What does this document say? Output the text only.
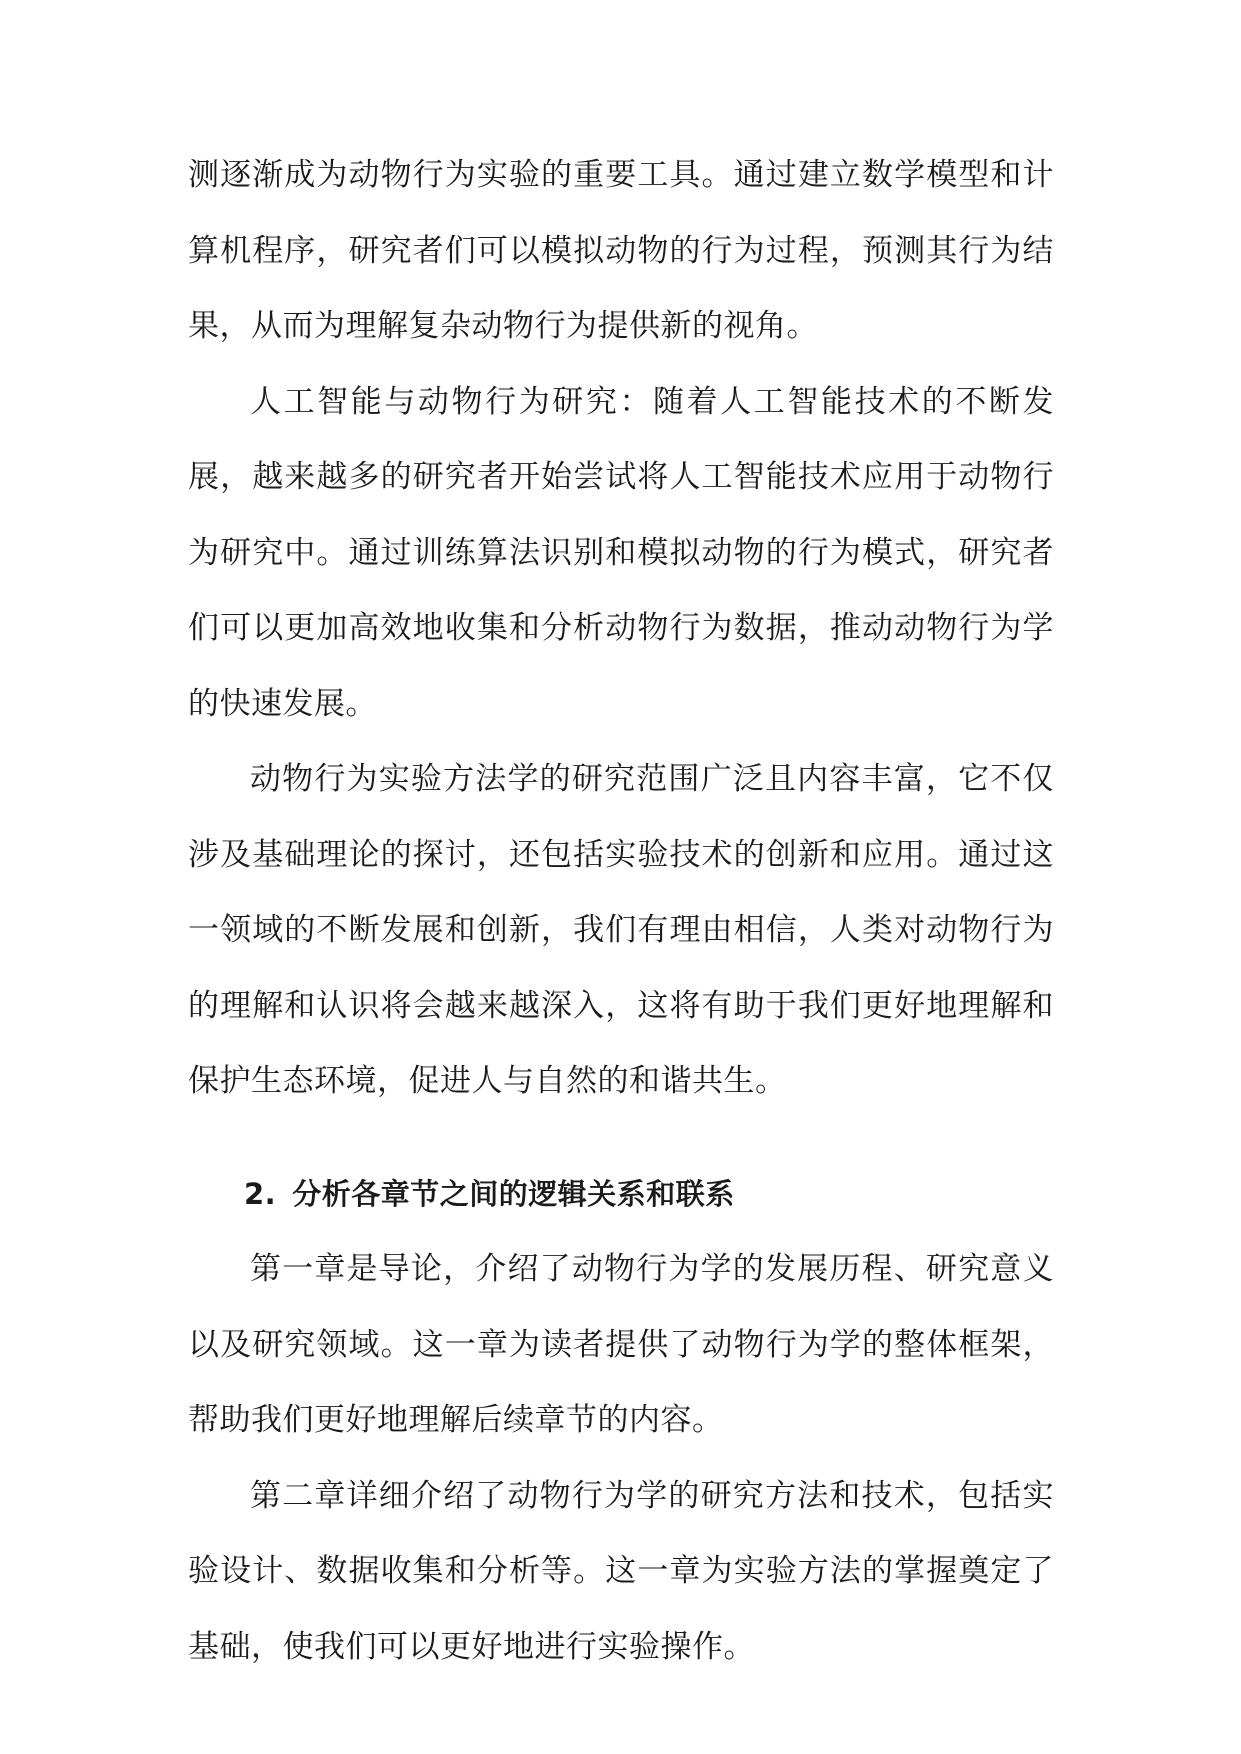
测逐渐成为动物行为实验的重要工具。通过建立数学模型和计算机程序，研究者们可以模拟动物的行为过程，预测其行为结果，从而为理解复杂动物行为提供新的视角。

人工智能与动物行为研究：随着人工智能技术的不断发展，越来越多的研究者开始尝试将人工智能技术应用于动物行为研究中。通过训练算法识别和模拟动物的行为模式，研究者们可以更加高效地收集和分析动物行为数据，推动动物行为学的快速发展。

动物行为实验方法学的研究范围广泛且内容丰富，它不仅涉及基础理论的探讨，还包括实验技术的创新和应用。通过这一领域的不断发展和创新，我们有理由相信，人类对动物行为的理解和认识将会越来越深入，这将有助于我们更好地理解和保护生态环境，促进人与自然的和谐共生。

2. 分析各章节之间的逻辑关系和联系

第一章是导论，介绍了动物行为学的发展历程、研究意义以及研究领域。这一章为读者提供了动物行为学的整体框架，帮助我们更好地理解后续章节的内容。

第二章详细介绍了动物行为学的研究方法和技术，包括实验设计、数据收集和分析等。这一章为实验方法的掌握奠定了基础，使我们可以更好地进行实验操作。
